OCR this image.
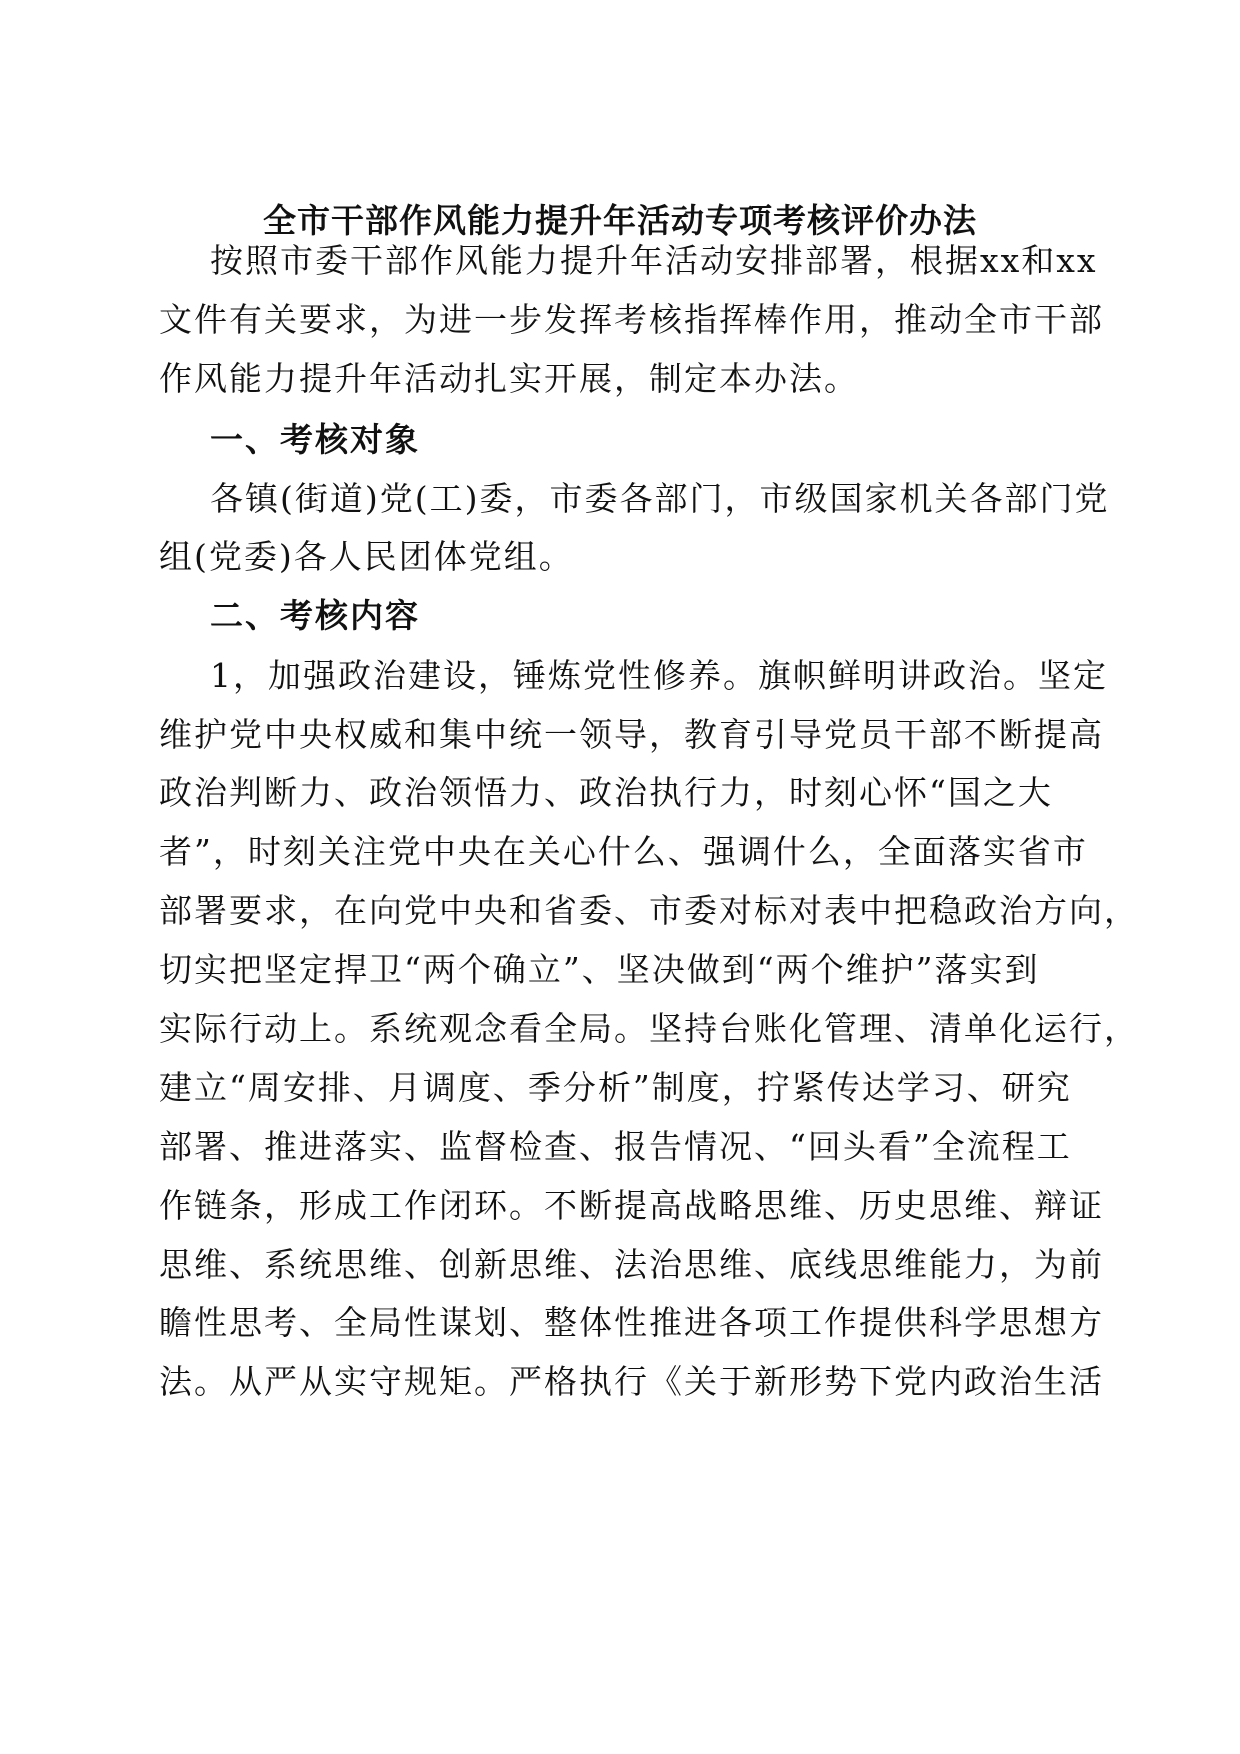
全市干部作风能力提升年活动专项考核评价办法
按照市委干部作风能力提升年活动安排部署，根据xx和xx
文件有关要求，为进一步发挥考核指挥棒作用，推动全市干部
作风能力提升年活动扎实开展，制定本办法。
一、考核对象
各镇(街道)党(工)委，市委各部门，市级国家机关各部门党
组(党委)各人民团体党组。
二、考核内容
1，加强政治建设，锤炼党性修养。旗帜鲜明讲政治。坚定
维护党中央权威和集中统一领导，教育引导党员干部不断提高
政治判断力、政治领悟力、政治执行力，时刻心怀“国之大
者”，时刻关注党中央在关心什么、强调什么，全面落实省市
部署要求，在向党中央和省委、市委对标对表中把稳政治方向，
切实把坚定捍卫“两个确立”、坚决做到“两个维护”落实到
实际行动上。系统观念看全局。坚持台账化管理、清单化运行，
建立“周安排、月调度、季分析”制度，拧紧传达学习、研究
部署、推进落实、监督检查、报告情况、“回头看”全流程工
作链条，形成工作闭环。不断提高战略思维、历史思维、辩证
思维、系统思维、创新思维、法治思维、底线思维能力，为前
瞻性思考、全局性谋划、整体性推进各项工作提供科学思想方
法。从严从实守规矩。严格执行《关于新形势下党内政治生活
